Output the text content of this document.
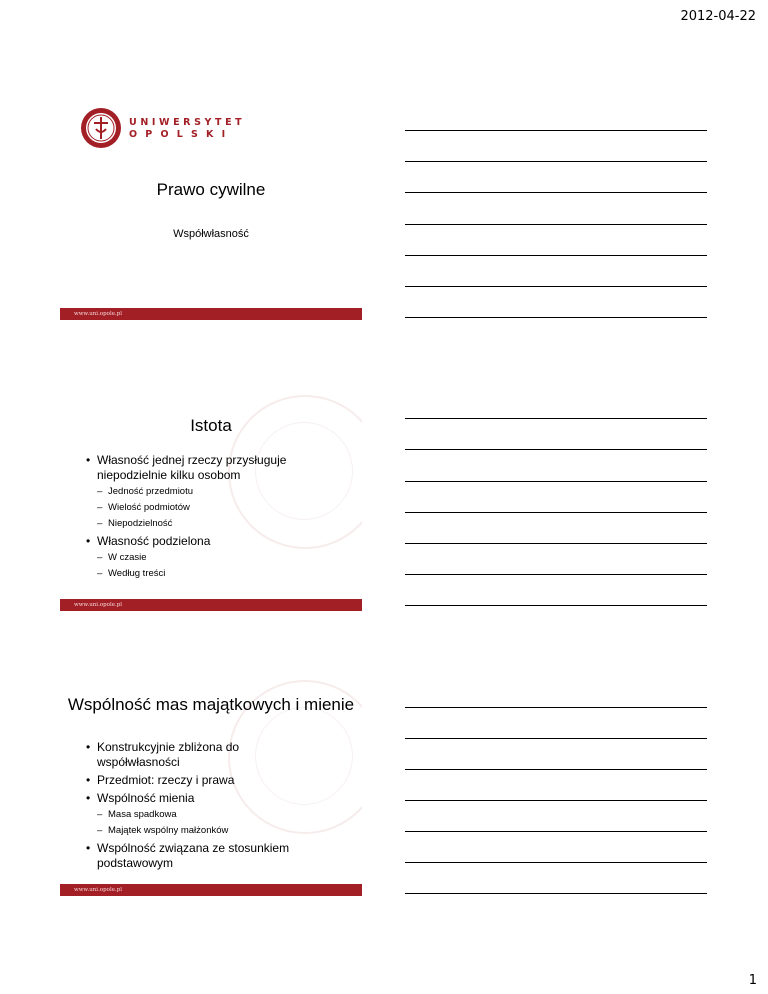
2012-04-22
UNIWERSYTET
OPOLSKI
Prawo cywilne
Współwłasność
www.uni.opole.pl
Istota
• Własność jednej rzeczy przysługuje niepodzielnie kilku osobom
– Jedność przedmiotu
– Wielość podmiotów
– Niepodzielność
• Własność podzielona
– W czasie
– Według treści
www.uni.opole.pl
Wspólność mas majątkowych i mienie
• Konstrukcyjnie zbliżona do współwłasności
• Przedmiot: rzeczy i prawa
• Wspólność mienia
– Masa spadkowa
– Majątek wspólny małżonków
• Wspólność związana ze stosunkiem podstawowym
www.uni.opole.pl
1
